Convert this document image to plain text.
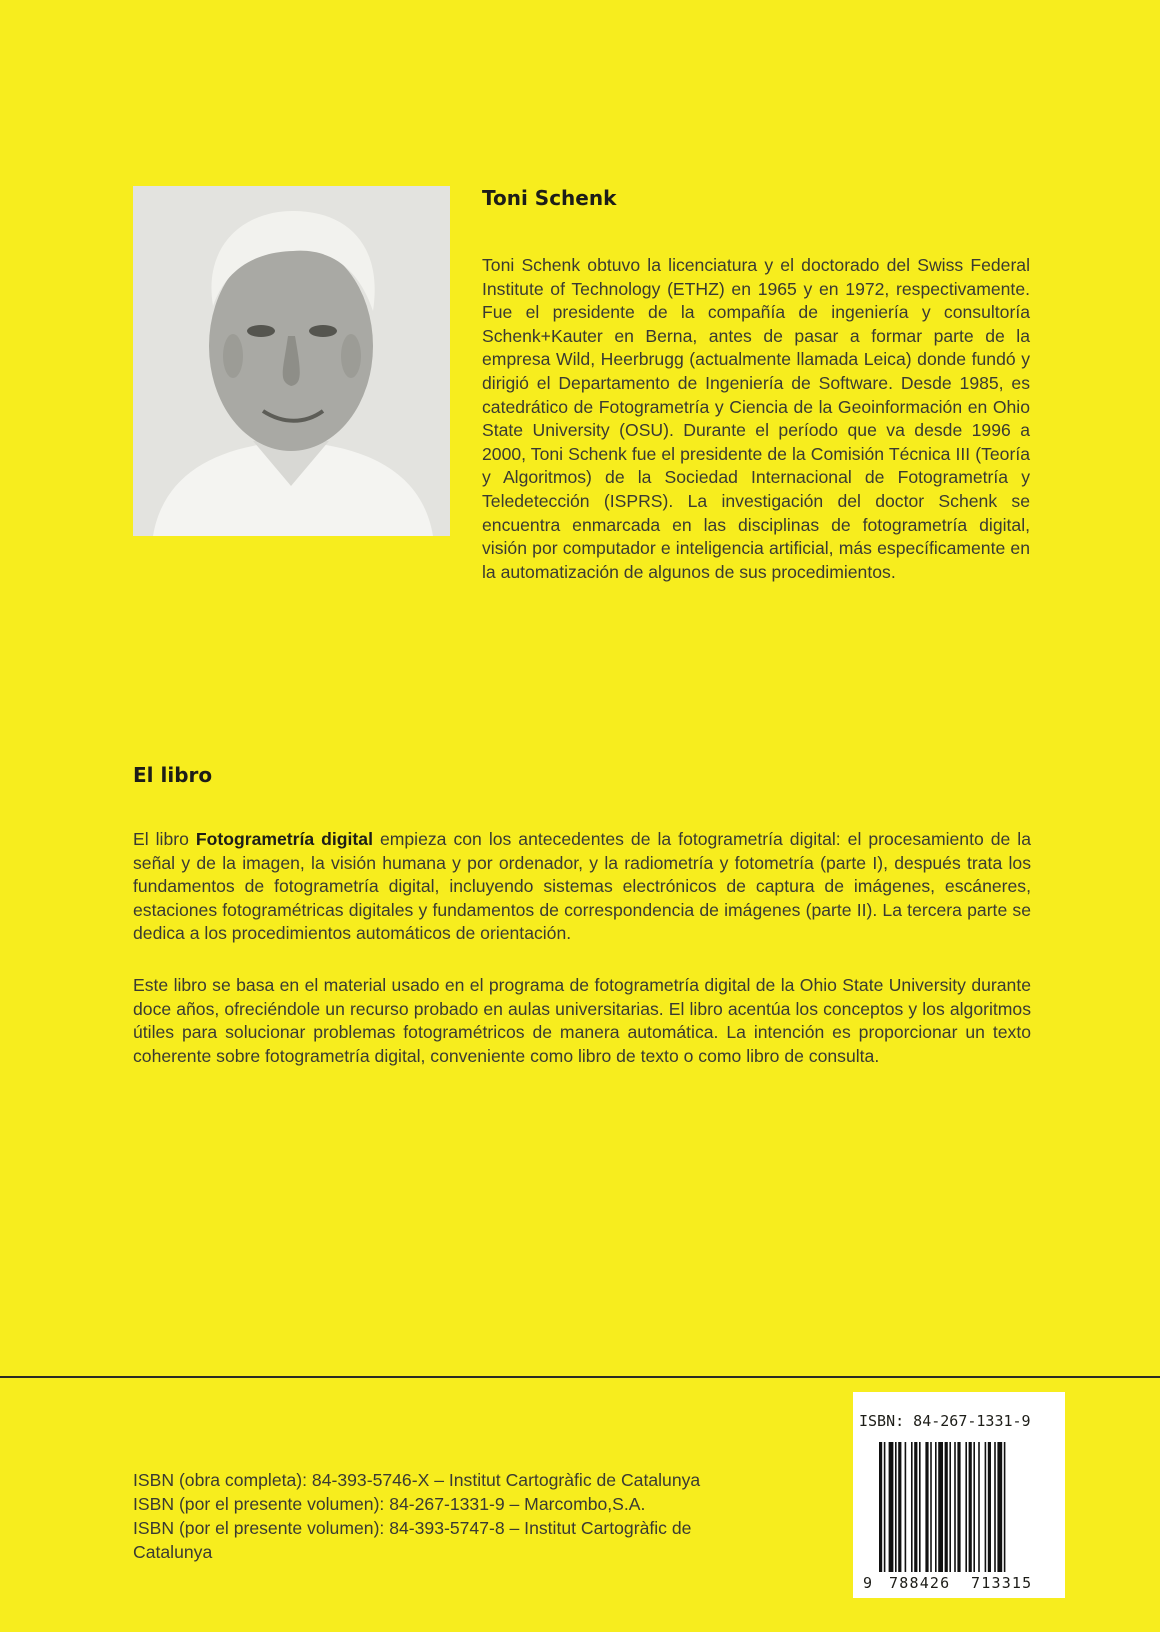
Toni Schenk

Toni Schenk obtuvo la licenciatura y el doctorado del Swiss Federal Institute of Technology (ETHZ) en 1965 y en 1972, respectivamente. Fue el presidente de la compañía de ingeniería y consultoría Schenk+Kauter en Berna, antes de pasar a formar parte de la empresa Wild, Heerbrugg (actualmente llamada Leica) donde fundó y dirigió el Departamento de Ingeniería de Software. Desde 1985, es catedrático de Fotogrametría y Ciencia de la Geoinformación en Ohio State University (OSU). Durante el período que va desde 1996 a 2000, Toni Schenk fue el presidente de la Comisión Técnica III (Teoría y Algoritmos) de la Sociedad Internacional de Fotogrametría y Teledetección (ISPRS). La investigación del doctor Schenk se encuentra enmarcada en las disciplinas de fotogrametría digital, visión por computador e inteligencia artificial, más específicamente en la automatización de algunos de sus procedimientos.

El libro

El libro Fotogrametría digital empieza con los antecedentes de la fotogrametría digital: el procesamiento de la señal y de la imagen, la visión humana y por ordenador, y la radiometría y fotometría (parte I), después trata los fundamentos de fotogrametría digital, incluyendo sistemas electrónicos de captura de imágenes, escáneres, estaciones fotogramétricas digitales y fundamentos de correspondencia de imágenes (parte II). La tercera parte se dedica a los procedimientos automáticos de orientación.

Este libro se basa en el material usado en el programa de fotogrametría digital de la Ohio State University durante doce años, ofreciéndole un recurso probado en aulas universitarias. El libro acentúa los conceptos y los algoritmos útiles para solucionar problemas fotogramétricos de manera automática. La intención es proporcionar un texto coherente sobre fotogrametría digital, conveniente como libro de texto o como libro de consulta.

ISBN (obra completa): 84-393-5746-X – Institut Cartogràfic de Catalunya
ISBN (por el presente volumen): 84-267-1331-9 – Marcombo,S.A.
ISBN (por el presente volumen): 84-393-5747-8 – Institut Cartogràfic de Catalunya
ISBN: 84-267-1331-9
9 788426 713315
